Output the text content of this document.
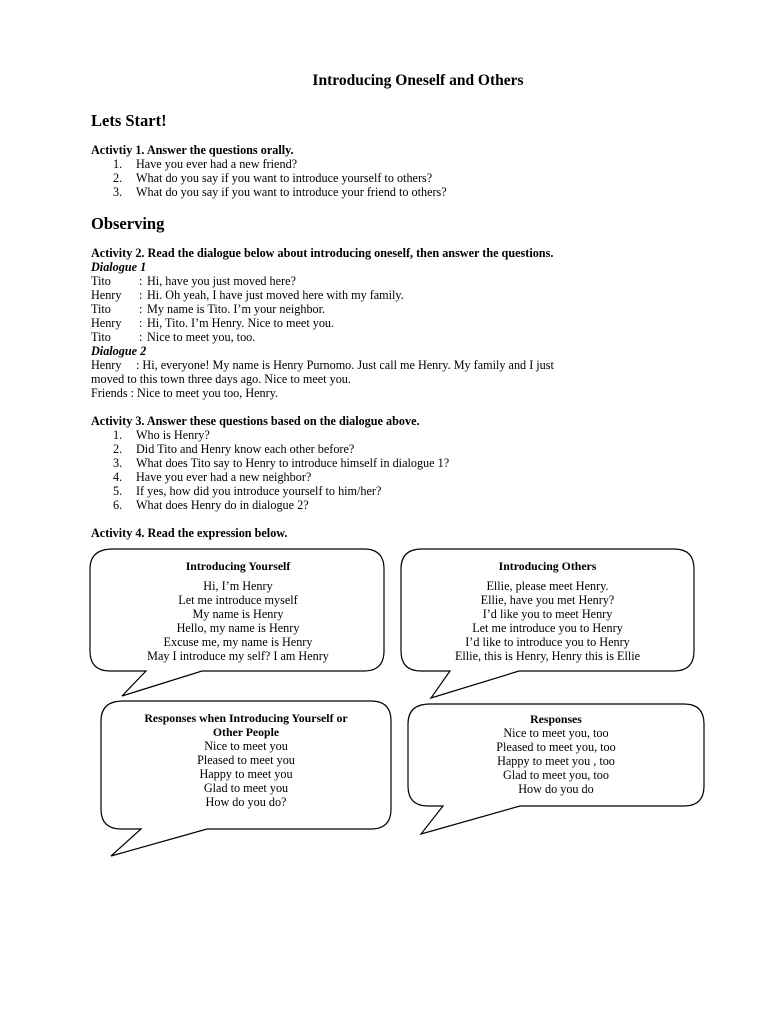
Introducing Oneself and Others
Lets Start!
Activtiy 1. Answer the questions orally.
1.	Have you ever had a new friend?
2.	What do you say if you want to introduce yourself to others?
3.	What do you say if you want to introduce your friend to others?
Observing
Activity 2. Read the dialogue below about introducing oneself, then answer the questions.
Dialogue 1
Tito	: Hi, have you just moved here?
Henry	: Hi. Oh yeah, I have just moved here with my family.
Tito	: My name is Tito. I’m your neighbor.
Henry	: Hi, Tito. I’m Henry. Nice to meet you.
Tito	: Nice to meet you, too.
Dialogue 2
Henry	: Hi, everyone! My name is Henry Purnomo. Just call me Henry. My family and I just
moved to this town three days ago. Nice to meet you.
Friends : Nice to meet you too, Henry.
Activity 3. Answer these questions based on the dialogue above.
1.	Who is Henry?
2.	Did Tito and Henry know each other before?
3.	What does Tito say to Henry to introduce himself in dialogue 1?
4.	Have you ever had a new neighbor?
5.	If yes, how did you introduce yourself to him/her?
6.	What does Henry do in dialogue 2?
Activity 4. Read the expression below.
Introducing Yourself
Hi, I’m Henry
Let me introduce myself
My name is Henry
Hello, my name is Henry
Excuse me, my name is Henry
May I introduce my self? I am Henry
Introducing Others
Ellie, please meet Henry.
Ellie, have you met Henry?
I’d like you to meet Henry
Let me introduce you to Henry
I’d like to introduce you to Henry
Ellie, this is Henry, Henry this is Ellie
Responses when Introducing Yourself or
Other People
Nice to meet you
Pleased to meet you
Happy to meet you
Glad to meet you
How do you do?
Responses
Nice to meet you, too
Pleased to meet you, too
Happy to meet you , too
Glad to meet you, too
How do you do
